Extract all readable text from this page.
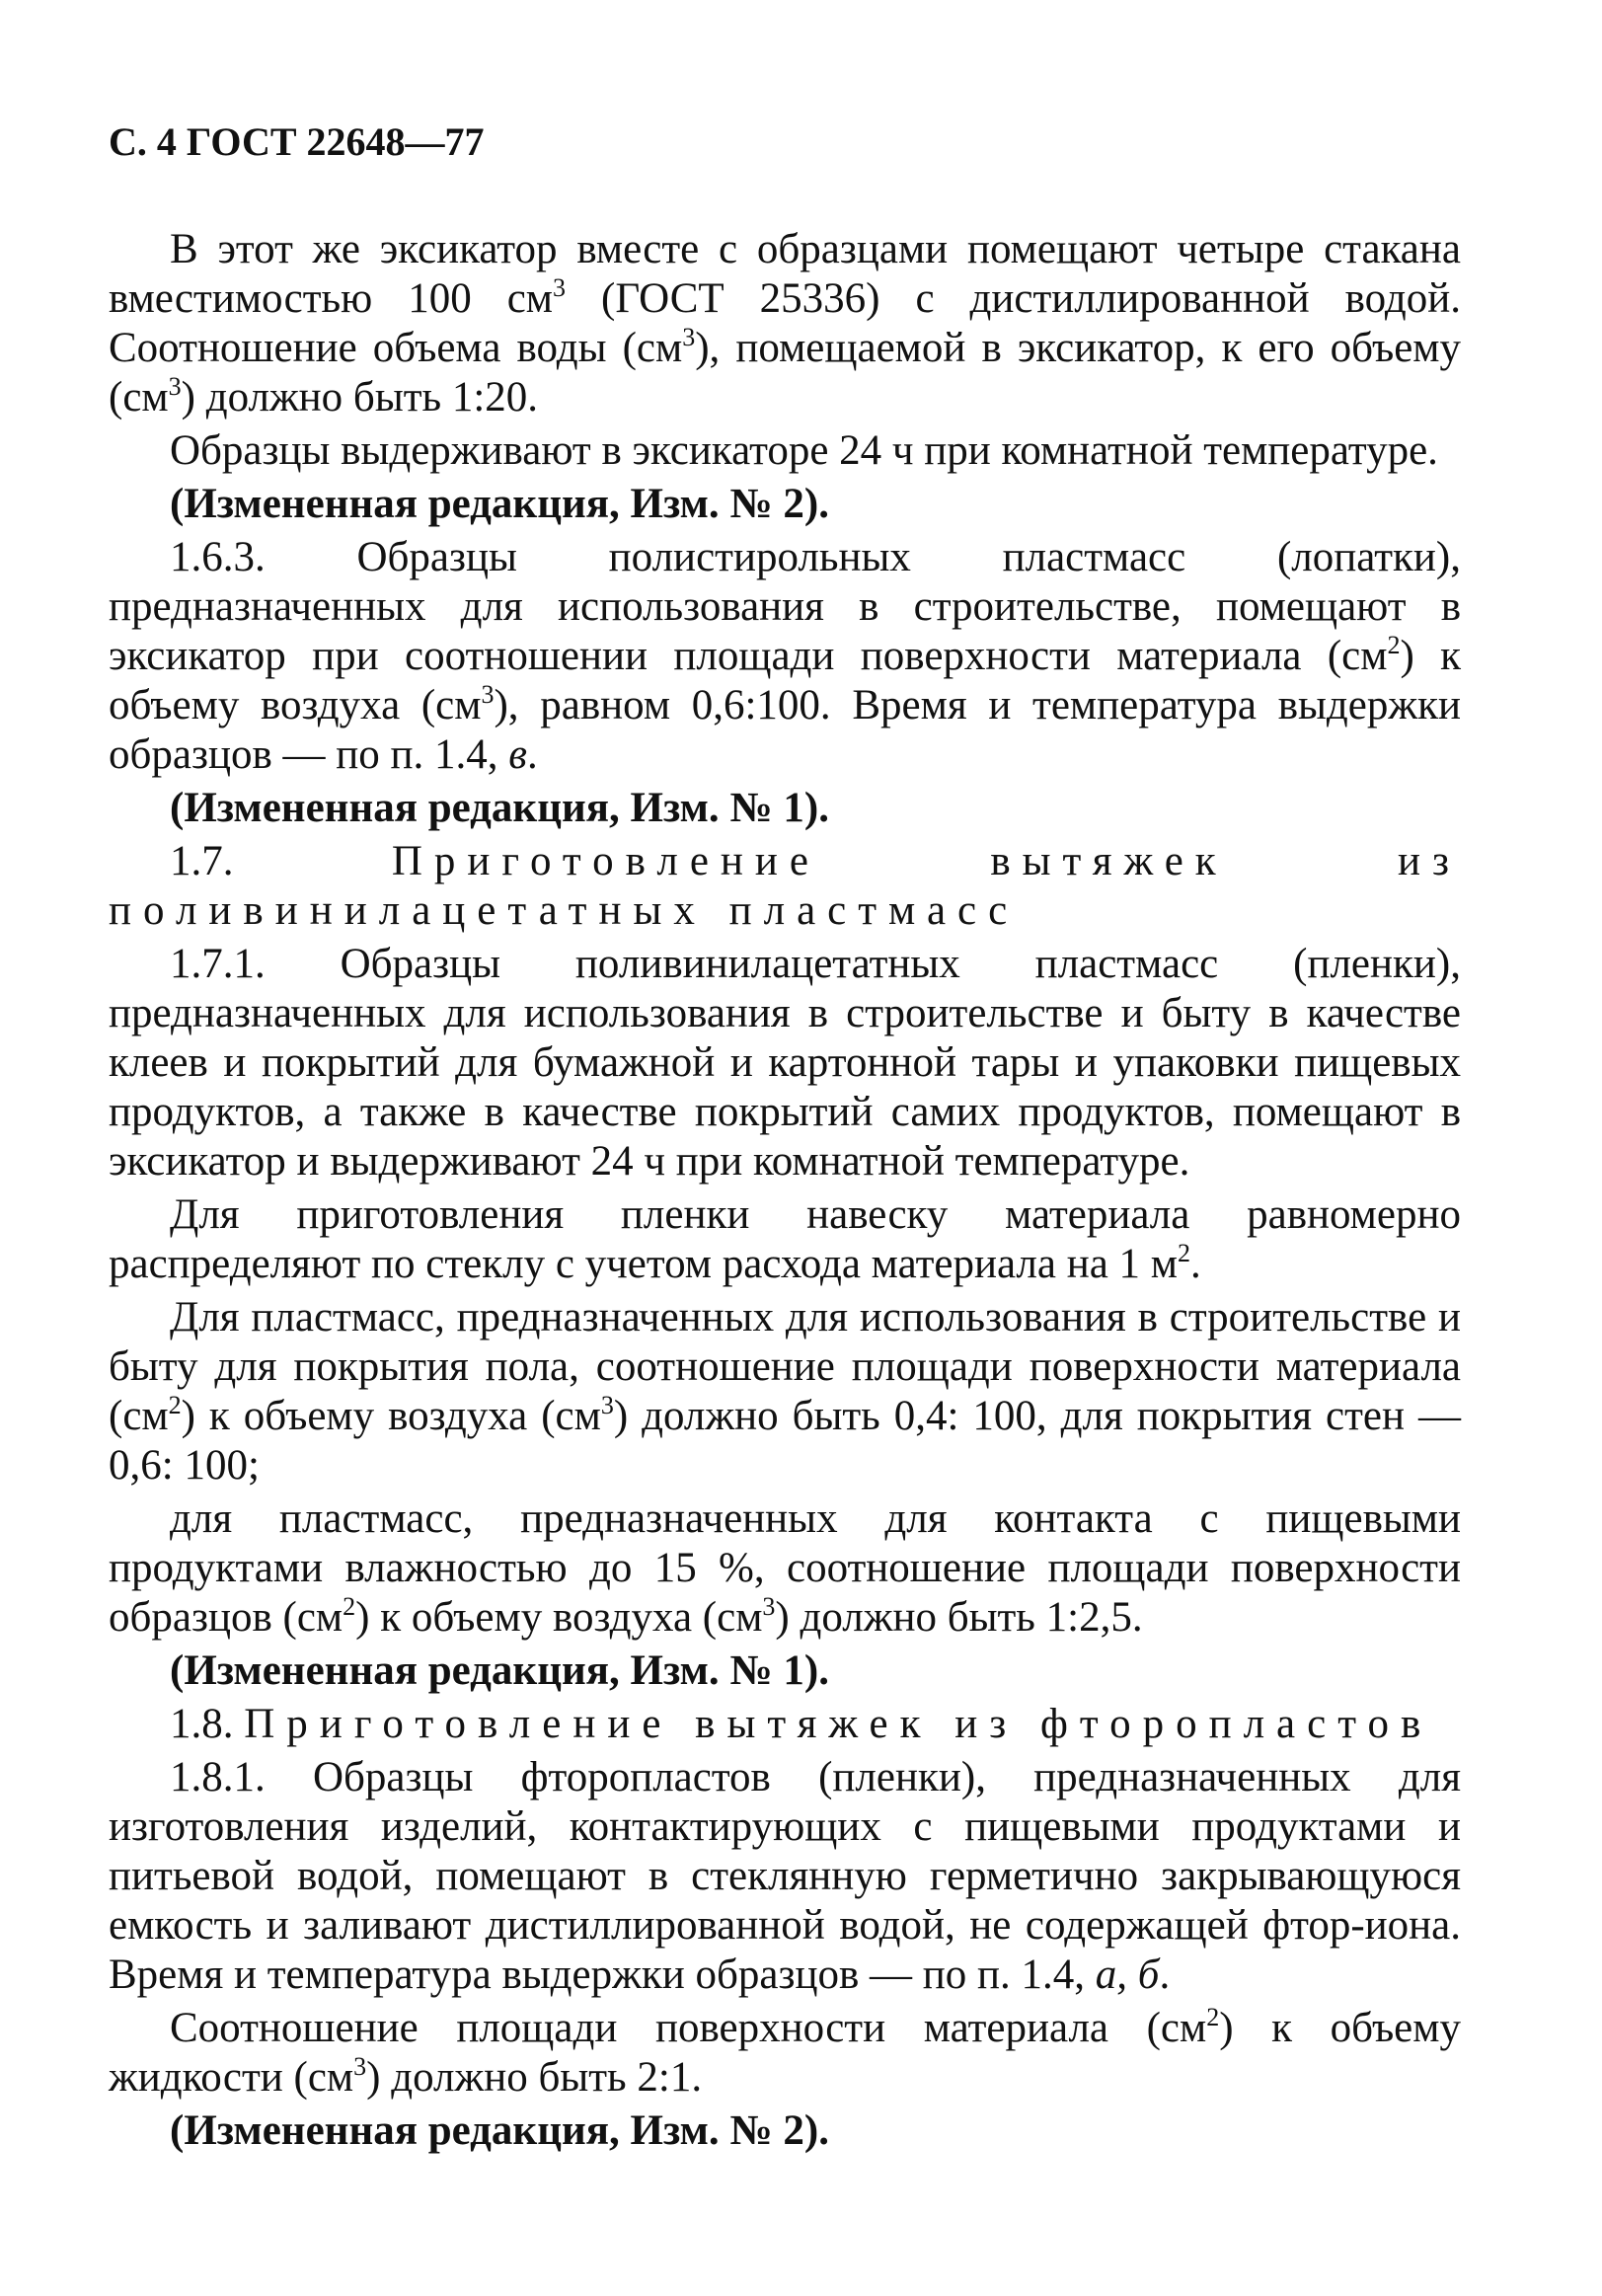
С. 4 ГОСТ 22648—77
В этот же эксикатор вместе с образцами помещают четыре стакана вместимостью 100 $см^3$ (ГОСТ 25336) с дистиллированной водой. Соотношение объема воды $(см^3)$, помещаемой в эксикатор, к его объему $(см^3)$ должно быть 1:20.
Образцы выдерживают в эксикаторе 24 ч при комнатной температуре.
(Измененная редакция, Изм. № 2).
1.6.3. Образцы полистирольных пластмасс (лопатки), предназначенных для использования в строительстве, помещают в эксикатор при соотношении площади поверхности материала $(см^2)$ к объему воздуха $(см^3)$, равном 0,6:100. Время и температура выдержки образцов — по п. 1.4, в.
(Измененная редакция, Изм. № 1).
1.7. Приготовление вытяжек из поливинилацетатных пластмасс
1.7.1. Образцы поливинилацетатных пластмасс (пленки), предназначенных для использования в строительстве и быту в качестве клеев и покрытий для бумажной и картонной тары и упаковки пищевых продуктов, а также в качестве покрытий самих продуктов, помещают в эксикатор и выдерживают 24 ч при комнатной температуре.
Для приготовления пленки навеску материала равномерно распределяют по стеклу с учетом расхода материала на 1 $м^2$.
Для пластмасс, предназначенных для использования в строительстве и быту для покрытия пола, соотношение площади поверхности материала $(см^2)$ к объему воздуха $(см^3)$ должно быть 0,4: 100, для покрытия стен — 0,6: 100;
для пластмасс, предназначенных для контакта с пищевыми продуктами влажностью до 15 %, соотношение площади поверхности образцов $(см^2)$ к объему воздуха $(см^3)$ должно быть 1:2,5.
(Измененная редакция, Изм. № 1).
1.8. Приготовление вытяжек из фторопластов
1.8.1. Образцы фторопластов (пленки), предназначенных для изготовления изделий, контактирующих с пищевыми продуктами и питьевой водой, помещают в стеклянную герметично закрывающуюся емкость и заливают дистиллированной водой, не содержащей фтор-иона. Время и температура выдержки образцов — по п. 1.4, а, б.
Соотношение площади поверхности материала $(см^2)$ к объему жидкости $(см^3)$ должно быть 2:1.
(Измененная редакция, Изм. № 2).
